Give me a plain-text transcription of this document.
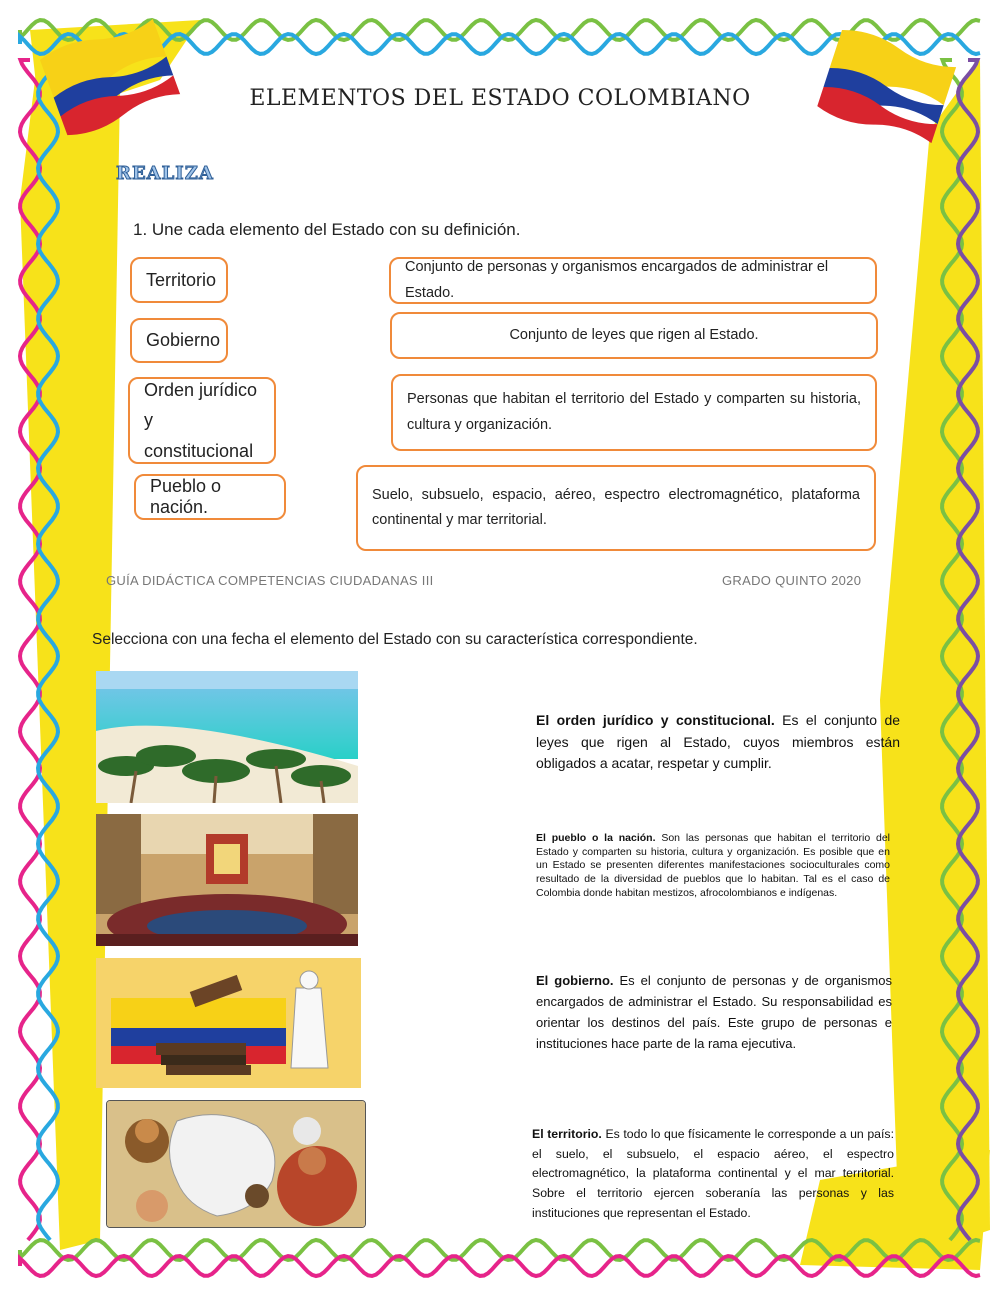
ELEMENTOS DEL ESTADO COLOMBIANO
REALIZA
1. Une cada elemento del Estado con su definición.
Territorio
Gobierno
Orden jurídico y constitucional
Pueblo o nación.
Conjunto de personas y organismos encargados de administrar el Estado.
Conjunto de leyes que rigen al Estado.
Personas que habitan el territorio del Estado y comparten su historia, cultura y organización.
Suelo, subsuelo, espacio, aéreo, espectro electromagnético, plataforma continental y mar territorial.
GUÍA DIDÁCTICA COMPETENCIAS CIUDADANAS III	GRADO QUINTO 2020
Selecciona con una fecha el elemento del Estado con su característica correspondiente.
El orden jurídico y constitucional. Es el conjunto de leyes que rigen al Estado, cuyos miembros están obligados a acatar, respetar y cumplir.
El pueblo o la nación. Son las personas que habitan el territorio del Estado y comparten su historia, cultura y organización. Es posible que en un Estado se presenten diferentes manifestaciones socioculturales como resultado de la diversidad de pueblos que lo habitan. Tal es el caso de Colombia donde habitan mestizos, afrocolombianos e indígenas.
El gobierno. Es el conjunto de personas y de organismos encargados de administrar el Estado. Su responsabilidad es orientar los destinos del país. Este grupo de personas e instituciones hace parte de la rama ejecutiva.
El territorio. Es todo lo que físicamente le corresponde a un país: el suelo, el subsuelo, el espacio aéreo, el espectro electromagnético, la plataforma continental y el mar territorial. Sobre el territorio ejercen soberanía las personas y las instituciones que representan el Estado.
